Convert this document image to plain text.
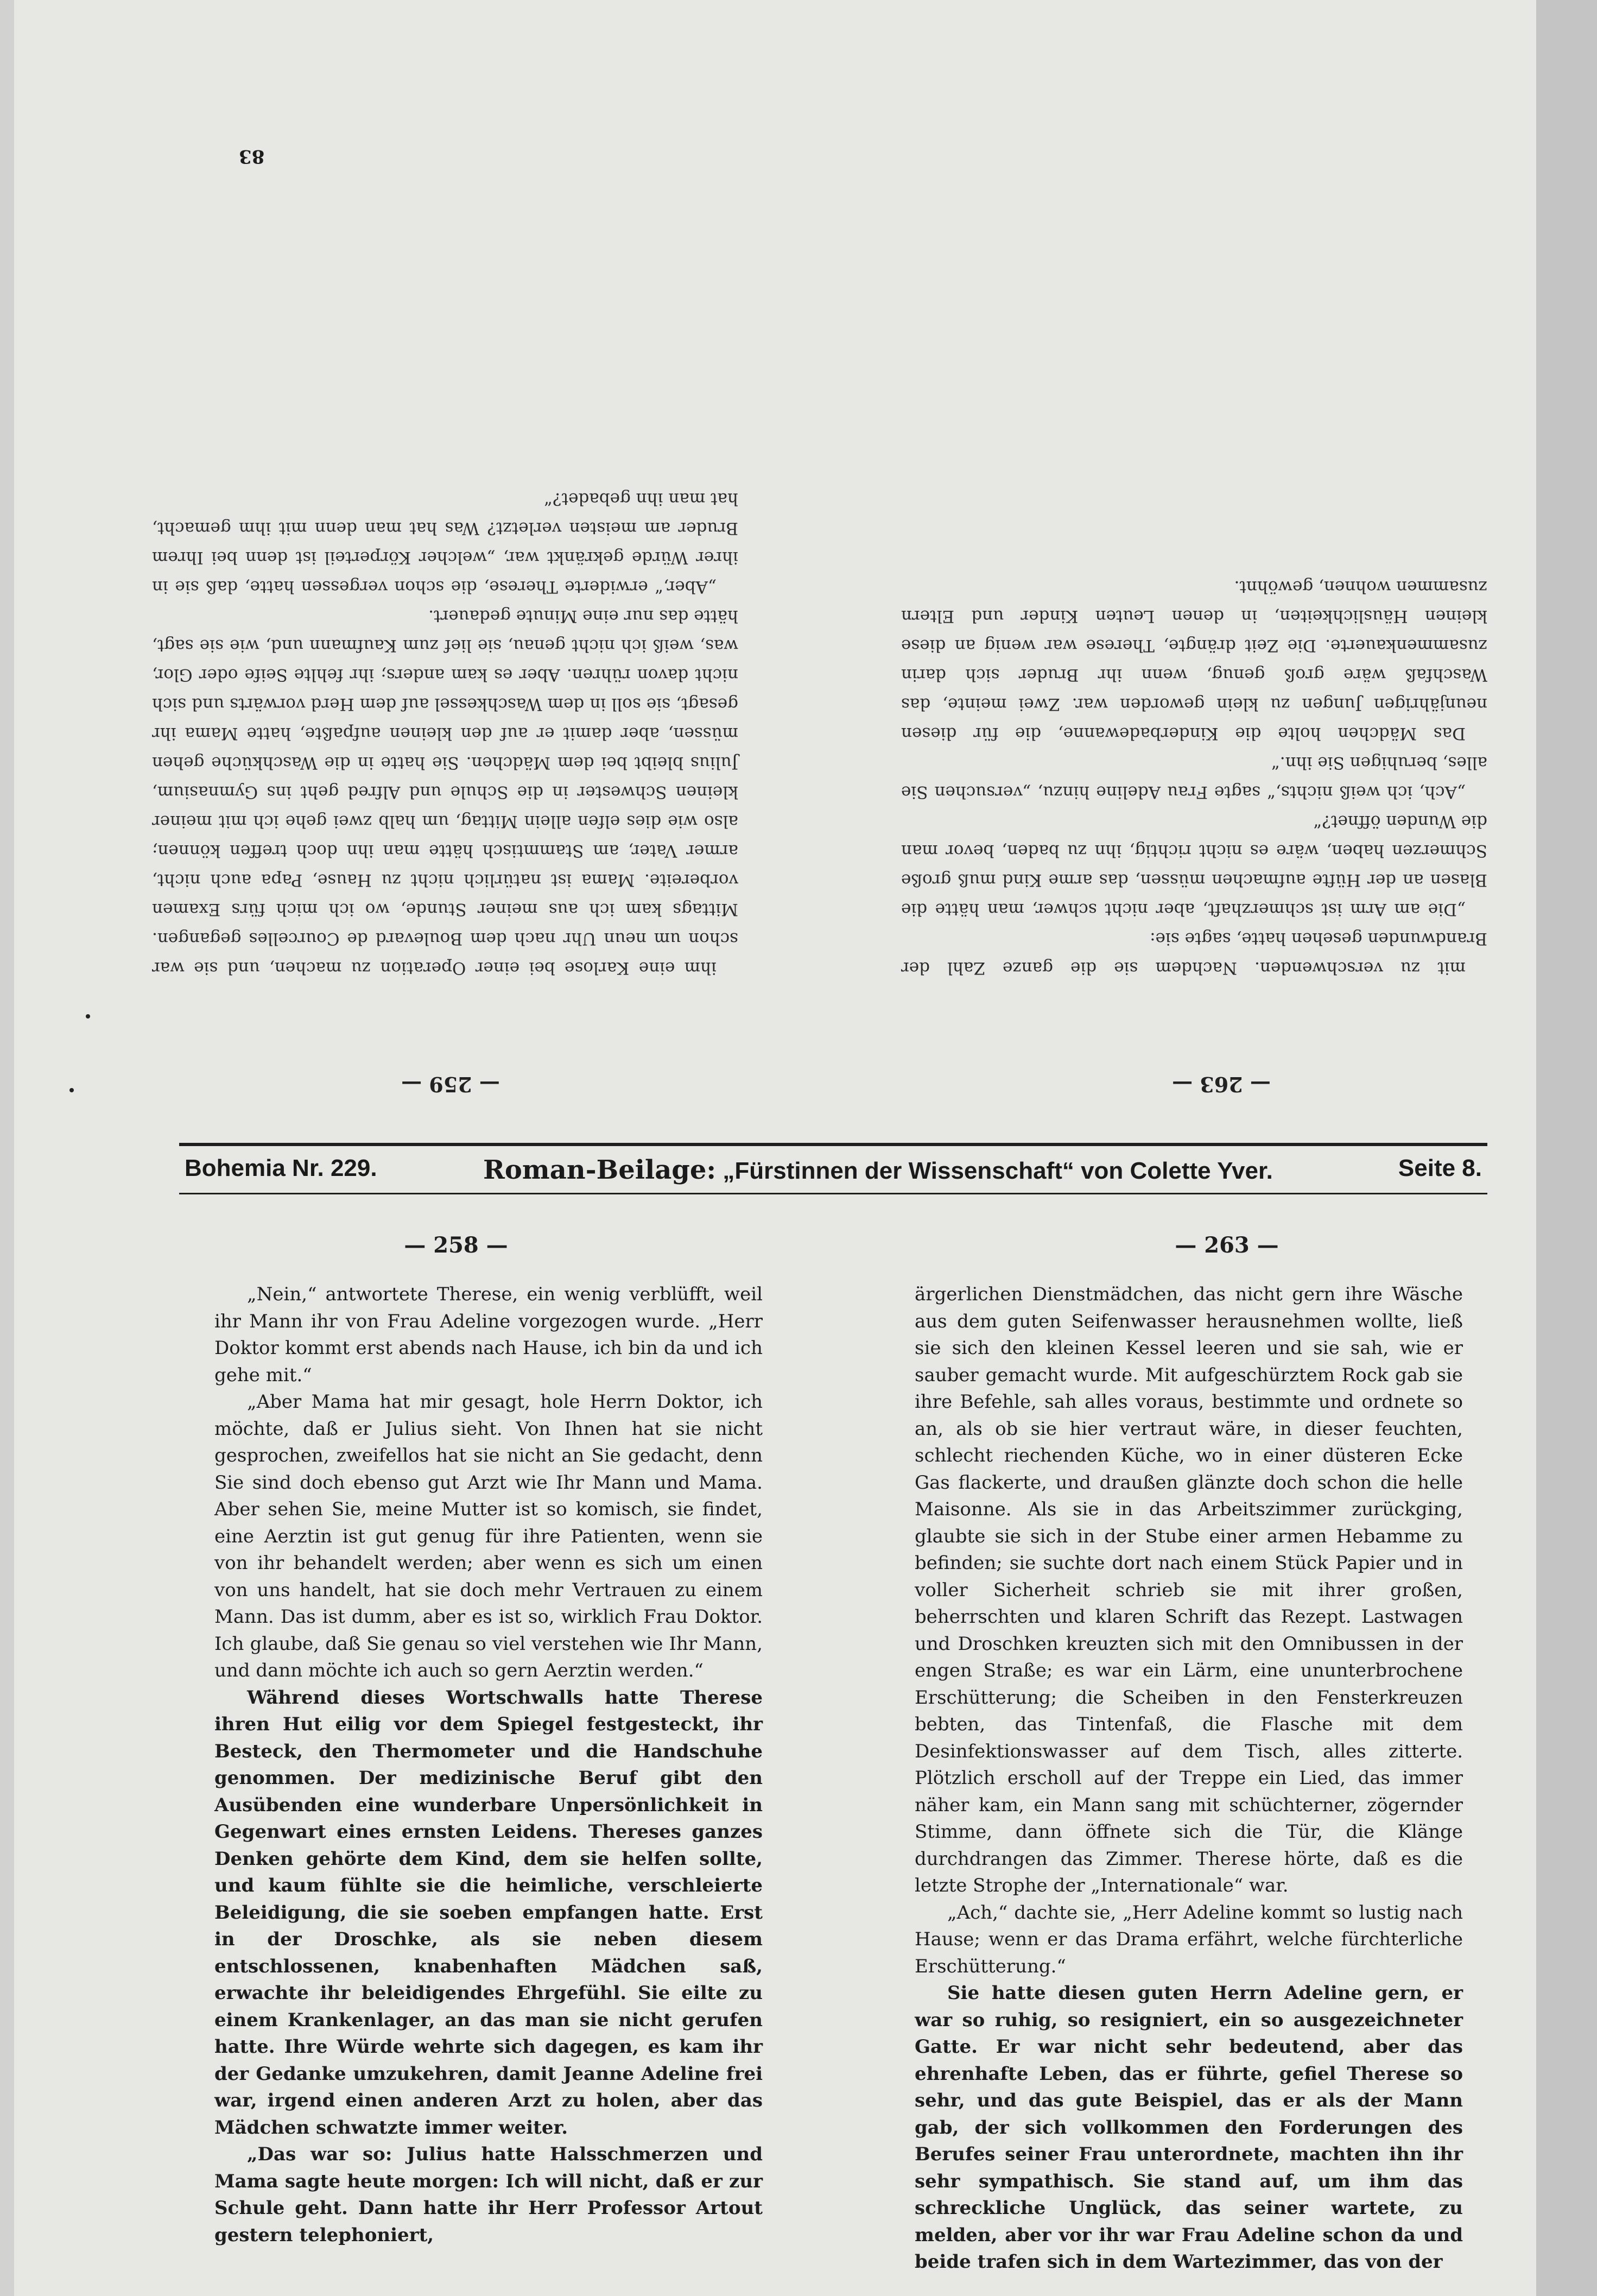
ihm eine Karlose bei einer Operation zu machen, und sie war schon um neun Uhr nach dem Boulevard de Courcelles gegangen. Mittags kam ich aus meiner Stunde, wo ich mich fürs Examen vorbereite. Mama ist natürlich nicht zu Hause, Papa auch nicht, armer Vater, am Stammtisch hätte man ihn doch treffen können; also wie dies elfen allein Mittag, um halb zwei gehe ich mit meiner kleinen Schwester in die Schule und Alfred geht ins Gymnasium, Julius bleibt bei dem Mädchen. Sie hatte in die Waschküche gehen müssen, aber damit er auf den kleinen aufpaßte, hatte Mama ihr gesagt, sie soll in dem Waschkessel auf dem Herd vorwärts und sich nicht davon rühren. Aber es kam anders; ihr fehlte Seife oder Glor, was, weiß ich nicht genau, sie lief zum Kaufmann und, wie sie sagt, hätte das nur eine Minute gedauert.

„Aber,“ erwiderte Therese, die schon vergessen hatte, daß sie in ihrer Würde gekränkt war, „welcher Körperteil ist denn bei Ihrem Bruder am meisten verletzt? Was hat man denn mit ihm gemacht, hat man ihn gebadet?“

mit zu verschwenden. Nachdem sie die ganze Zahl der Brandwunden gesehen hatte, sagte sie:

„Die am Arm ist schmerzhaft, aber nicht schwer, man hätte die Blasen an der Hüfte aufmachen müssen, das arme Kind muß große Schmerzen haben, wäre es nicht richtig, ihn zu baden, bevor man die Wunden öffnet?“

„Ach, ich weiß nichts,“ sagte Frau Adeline hinzu, „versuchen Sie alles, beruhigen Sie ihn.“

Das Mädchen holte die Kinderbadewanne, die für diesen neunjährigen Jungen zu klein geworden war. Zwei meinte, das Waschfaß wäre groß genug, wenn ihr Bruder sich darin zusammenkauerte. Die Zeit drängte, Therese war wenig an diese kleinen Häuslichkeiten, in denen Leuten Kinder und Eltern zusammen wohnen, gewöhnt.

— 259 —	— 263 —
83
Bohemia Nr. 229.	Roman-Beilage: „Fürstinnen der Wissenschaft“ von Colette Yver.	Seite 8.
— 258 —

„Nein,“ antwortete Therese, ein wenig verblüfft, weil ihr Mann ihr von Frau Adeline vorgezogen wurde. „Herr Doktor kommt erst abends nach Hause, ich bin da und ich gehe mit.“

„Aber Mama hat mir gesagt, hole Herrn Doktor, ich möchte, daß er Julius sieht. Von Ihnen hat sie nicht gesprochen, zweifellos hat sie nicht an Sie gedacht, denn Sie sind doch ebenso gut Arzt wie Ihr Mann und Mama. Aber sehen Sie, meine Mutter ist so komisch, sie findet, eine Aerztin ist gut genug für ihre Patienten, wenn sie von ihr behandelt werden; aber wenn es sich um einen von uns handelt, hat sie doch mehr Vertrauen zu einem Mann. Das ist dumm, aber es ist so, wirklich Frau Doktor. Ich glaube, daß Sie genau so viel verstehen wie Ihr Mann, und dann möchte ich auch so gern Aerztin werden.“

Während dieses Wortschwalls hatte Therese ihren Hut eilig vor dem Spiegel festgesteckt, ihr Besteck, den Thermometer und die Handschuhe genommen. Der medizinische Beruf gibt den Ausübenden eine wunderbare Unpersönlichkeit in Gegenwart eines ernsten Leidens. Thereses ganzes Denken gehörte dem Kind, dem sie helfen sollte, und kaum fühlte sie die heimliche, verschleierte Beleidigung, die sie soeben empfangen hatte. Erst in der Droschke, als sie neben diesem entschlossenen, knabenhaften Mädchen saß, erwachte ihr beleidigendes Ehrgefühl. Sie eilte zu einem Krankenlager, an das man sie nicht gerufen hatte. Ihre Würde wehrte sich dagegen, es kam ihr der Gedanke umzukehren, damit Jeanne Adeline frei war, irgend einen anderen Arzt zu holen, aber das Mädchen schwatzte immer weiter.

„Das war so: Julius hatte Halsschmerzen und Mama sagte heute morgen: Ich will nicht, daß er zur Schule geht. Dann hatte ihr Herr Professor Artout gestern telephoniert,

— 263 —

ärgerlichen Dienstmädchen, das nicht gern ihre Wäsche aus dem guten Seifenwasser herausnehmen wollte, ließ sie sich den kleinen Kessel leeren und sie sah, wie er sauber gemacht wurde. Mit aufgeschürztem Rock gab sie ihre Befehle, sah alles voraus, bestimmte und ordnete so an, als ob sie hier vertraut wäre, in dieser feuchten, schlecht riechenden Küche, wo in einer düsteren Ecke Gas flackerte, und draußen glänzte doch schon die helle Maisonne. Als sie in das Arbeitszimmer zurückging, glaubte sie sich in der Stube einer armen Hebamme zu befinden; sie suchte dort nach einem Stück Papier und in voller Sicherheit schrieb sie mit ihrer großen, beherrschten und klaren Schrift das Rezept. Lastwagen und Droschken kreuzten sich mit den Omnibussen in der engen Straße; es war ein Lärm, eine ununterbrochene Erschütterung; die Scheiben in den Fensterkreuzen bebten, das Tintenfaß, die Flasche mit dem Desinfektionswasser auf dem Tisch, alles zitterte. Plötzlich erscholl auf der Treppe ein Lied, das immer näher kam, ein Mann sang mit schüchterner, zögernder Stimme, dann öffnete sich die Tür, die Klänge durchdrangen das Zimmer. Therese hörte, daß es die letzte Strophe der „Internationale“ war.

„Ach,“ dachte sie, „Herr Adeline kommt so lustig nach Hause; wenn er das Drama erfährt, welche fürchterliche Erschütterung.“

Sie hatte diesen guten Herrn Adeline gern, er war so ruhig, so resigniert, ein so ausgezeichneter Gatte. Er war nicht sehr bedeutend, aber das ehrenhafte Leben, das er führte, gefiel Therese so sehr, und das gute Beispiel, das er als der Mann gab, der sich vollkommen den Forderungen des Berufes seiner Frau unterordnete, machten ihn ihr sehr sympathisch. Sie stand auf, um ihm das schreckliche Unglück, das seiner wartete, zu melden, aber vor ihr war Frau Adeline schon da und beide trafen sich in dem Wartezimmer, das von der
